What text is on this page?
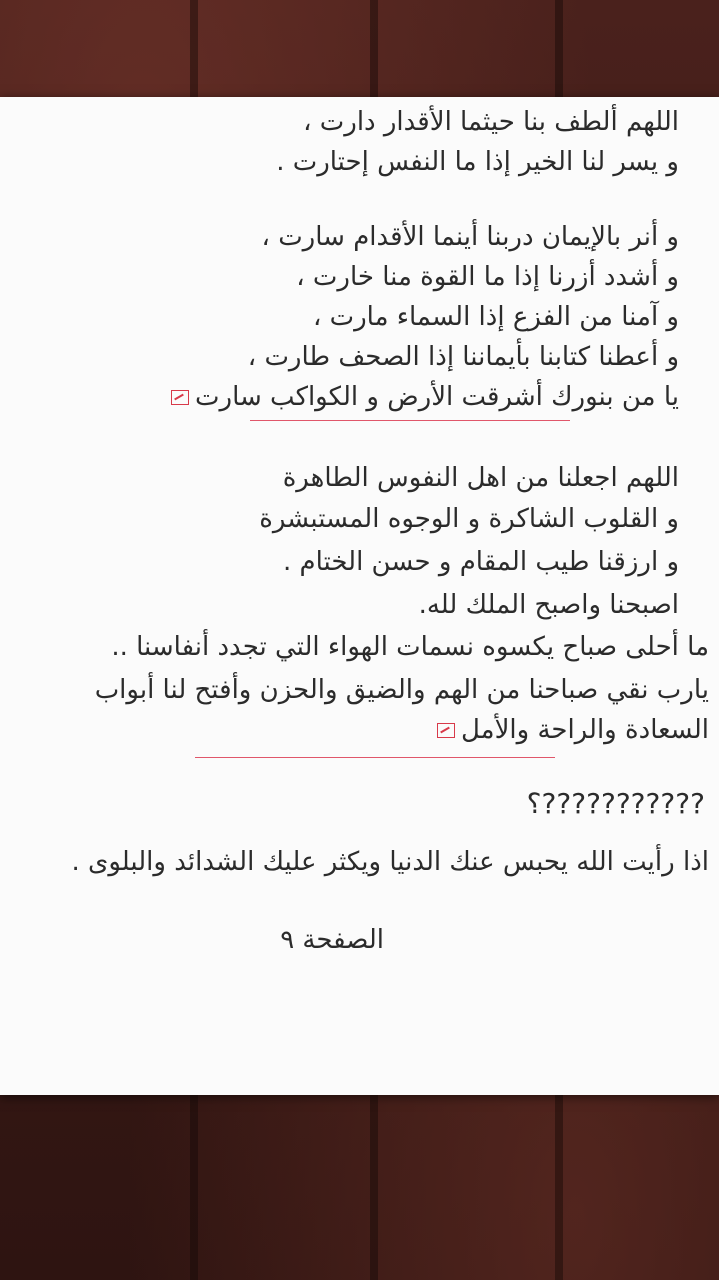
اللهم ألطف بنا حيثما الأقدار دارت ،

و يسر لنا الخير إذا ما النفس إحتارت .

و أنر بالإيمان دربنا أينما الأقدام سارت ،

و أشدد أزرنا إذا ما القوة منا خارت ،

و آمنا من الفزع إذا السماء مارت ،

و أعطنا كتابنا بأيماننا إذا الصحف طارت ،

يا من بنورك أشرقت الأرض و الكواكب سارت

اللهم اجعلنا من اهل النفوس الطاهرة

و القلوب الشاكرة و الوجوه المستبشرة

و ارزقنا طيب المقام و حسن الختام .

اصبحنا واصبح الملك لله.

ما أحلى صباح يكسوه نسمات الهواء التي تجدد أنفاسنا ..

يارب نقي صباحنا من الهم والضيق والحزن وأفتح لنا أبواب

السعادة والراحة والأمل

؟???????????

اذا رأيت الله يحبس عنك الدنيا ويكثر عليك الشدائد والبلوى .

الصفحة ٩
